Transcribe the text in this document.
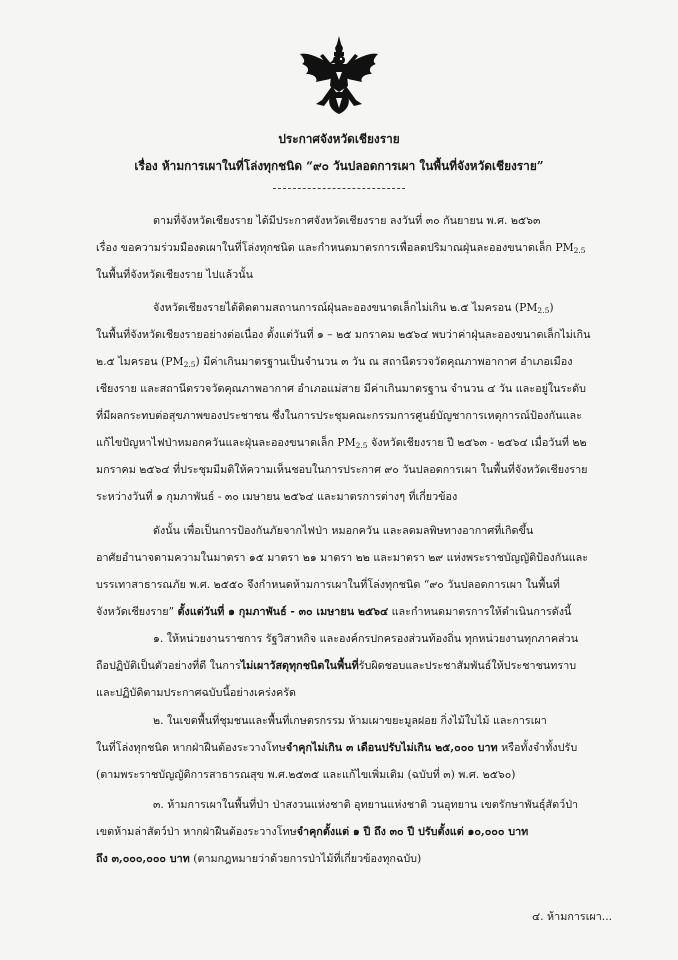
ประกาศจังหวัดเชียงราย
เรื่อง ห้ามการเผาในที่โล่งทุกชนิด “๙๐ วันปลอดการเผา ในพื้นที่จังหวัดเชียงราย”
ตามที่จังหวัดเชียงราย ได้มีประกาศจังหวัดเชียงราย ลงวันที่ ๓๐ กันยายน พ.ศ. ๒๕๖๓
เรื่อง ขอความร่วมมืองดเผาในที่โล่งทุกชนิด และกำหนดมาตรการเพื่อลดปริมาณฝุ่นละอองขนาดเล็ก $PM_{2.5}$
ในพื้นที่จังหวัดเชียงราย ไปแล้วนั้น
จังหวัดเชียงรายได้ติดตามสถานการณ์ฝุ่นละอองขนาดเล็กไม่เกิน ๒.๕ ไมครอน $(PM_{2.5})$
ในพื้นที่จังหวัดเชียงรายอย่างต่อเนื่อง ตั้งแต่วันที่ ๑ – ๒๕ มกราคม ๒๕๖๔ พบว่าค่าฝุ่นละอองขนาดเล็กไม่เกิน
๒.๕ ไมครอน $(PM_{2.5})$ มีค่าเกินมาตรฐานเป็นจำนวน ๓ วัน ณ สถานีตรวจวัดคุณภาพอากาศ อำเภอเมือง
เชียงราย และสถานีตรวจวัดคุณภาพอากาศ อำเภอแม่สาย มีค่าเกินมาตรฐาน จำนวน ๔ วัน และอยู่ในระดับ
ที่มีผลกระทบต่อสุขภาพของประชาชน ซึ่งในการประชุมคณะกรรมการศูนย์บัญชาการเหตุการณ์ป้องกันและ
แก้ไขปัญหาไฟป่าหมอกควันและฝุ่นละอองขนาดเล็ก $PM_{2.5}$ จังหวัดเชียงราย ปี ๒๕๖๓ - ๒๕๖๔ เมื่อวันที่ ๒๒
มกราคม ๒๕๖๔ ที่ประชุมมีมติให้ความเห็นชอบในการประกาศ ๙๐ วันปลอดการเผา ในพื้นที่จังหวัดเชียงราย
ระหว่างวันที่ ๑ กุมภาพันธ์ - ๓๐ เมษายน ๒๕๖๔ และมาตรการต่างๆ ที่เกี่ยวข้อง
ดังนั้น เพื่อเป็นการป้องกันภัยจากไฟป่า หมอกควัน และลดมลพิษทางอากาศที่เกิดขึ้น
อาศัยอำนาจตามความในมาตรา ๑๕ มาตรา ๒๑ มาตรา ๒๒ และมาตรา ๒๙ แห่งพระราชบัญญัติป้องกันและ
บรรเทาสาธารณภัย พ.ศ. ๒๕๕๐ จึงกำหนดห้ามการเผาในที่โล่งทุกชนิด “๙๐ วันปลอดการเผา ในพื้นที่
จังหวัดเชียงราย” ตั้งแต่วันที่ ๑ กุมภาพันธ์ - ๓๐ เมษายน ๒๕๖๔ และกำหนดมาตรการให้ดำเนินการดังนี้
๑. ให้หน่วยงานราชการ รัฐวิสาหกิจ และองค์กรปกครองส่วนท้องถิ่น ทุกหน่วยงานทุกภาคส่วน
ถือปฏิบัติเป็นตัวอย่างที่ดี ในการไม่เผาวัสดุทุกชนิดในพื้นที่รับผิดชอบและประชาสัมพันธ์ให้ประชาชนทราบ
และปฏิบัติตามประกาศฉบับนี้อย่างเคร่งครัด
๒. ในเขตพื้นที่ชุมชนและพื้นที่เกษตรกรรม ห้ามเผาขยะมูลฝอย กิ่งไม้ใบไม้ และการเผา
ในที่โล่งทุกชนิด หากฝ่าฝืนต้องระวางโทษจำคุกไม่เกิน ๓ เดือนปรับไม่เกิน ๒๕,๐๐๐ บาท หรือทั้งจำทั้งปรับ
(ตามพระราชบัญญัติการสาธารณสุข พ.ศ.๒๕๓๕ และแก้ไขเพิ่มเติม (ฉบับที่ ๓) พ.ศ. ๒๕๖๐)
๓. ห้ามการเผาในพื้นที่ป่า ป่าสงวนแห่งชาติ อุทยานแห่งชาติ วนอุทยาน เขตรักษาพันธุ์สัตว์ป่า
เขตห้ามล่าสัตว์ป่า หากฝ่าฝืนต้องระวางโทษจำคุกตั้งแต่ ๑ ปี ถึง ๓๐ ปี ปรับตั้งแต่ ๑๐,๐๐๐ บาท
ถึง ๓,๐๐๐,๐๐๐ บาท (ตามกฎหมายว่าด้วยการป่าไม้ที่เกี่ยวข้องทุกฉบับ)
๔. ห้ามการเผา...
